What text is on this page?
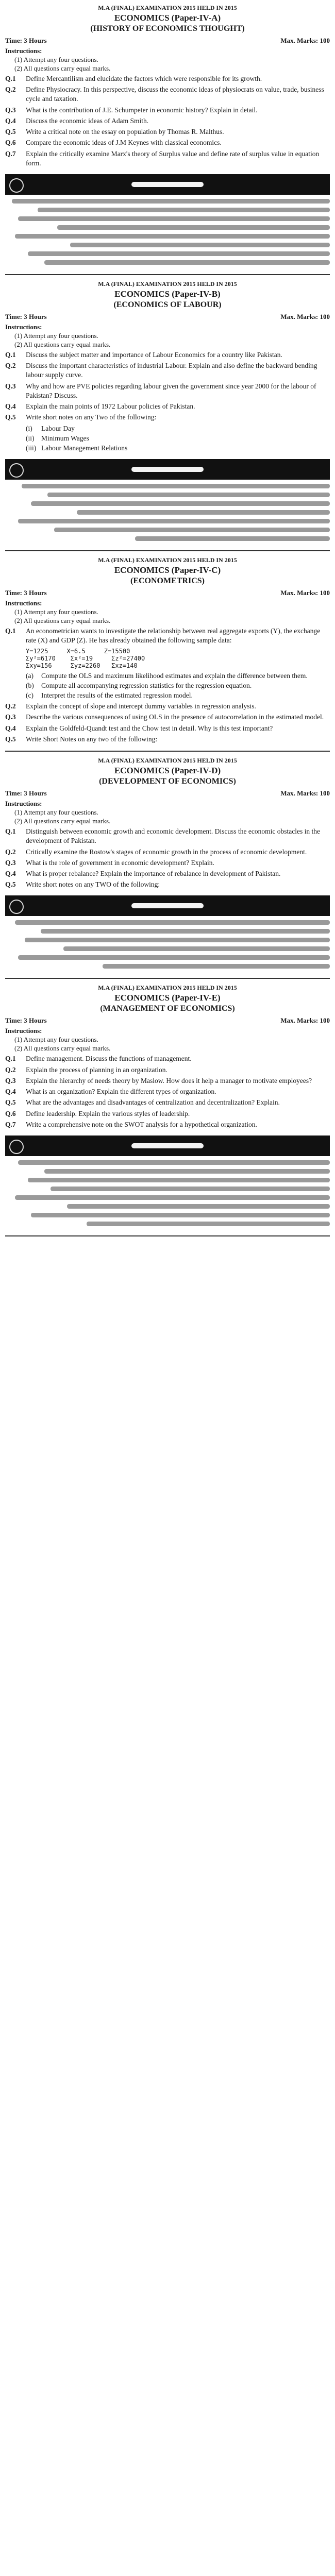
M.A (FINAL) EXAMINATION 2015 HELD IN 2015
ECONOMICS (Paper-IV-A)
(HISTORY OF ECONOMICS THOUGHT)
Time: 3 Hours	Max. Marks: 100
Instructions:
(1) Attempt any four questions.
(2) All questions carry equal marks.
Q.1	Define Mercantilism and elucidate the factors which were responsible for its growth.
Q.2	Define Physiocracy. In this perspective, discuss the economic ideas of physiocrats on value, trade, business cycle and taxation.
Q.3	What is the contribution of J.E. Schumpeter in economic history? Explain in detail.
Q.4	Discuss the economic ideas of Adam Smith.
Q.5	Write a critical note on the essay on population by Thomas R. Malthus.
Q.6	Compare the economic ideas of J.M Keynes with classical economics.
Q.7	Explain the critically examine Marx's theory of Surplus value and define rate of surplus value in equation form.
M.A (FINAL) EXAMINATION 2015 HELD IN 2015
ECONOMICS (Paper-IV-B)
(ECONOMICS OF LABOUR)
Time: 3 Hours	Max. Marks: 100
Instructions:
(1) Attempt any four questions.
(2) All questions carry equal marks.
Q.1	Discuss the subject matter and importance of Labour Economics for a country like Pakistan.
Q.2	Discuss the important characteristics of industrial Labour. Explain and also define the backward bending labour supply curve.
Q.3	Why and how are PVE policies regarding labour given the government since year 2000 for the labour of Pakistan? Discuss.
Q.4	Explain the main points of 1972 Labour policies of Pakistan.
Q.5	Write short notes on any Two of the following:
(i)	Labour Day
(ii)	Minimum Wages
(iii) Labour Management Relations
M.A (FINAL) EXAMINATION 2015 HELD IN 2015
ECONOMICS (Paper-IV-C)
(ECONOMETRICS)
Time: 3 Hours	Max. Marks: 100
Instructions:
(1) Attempt any four questions.
(2) All questions carry equal marks.
Q.1	An econometrician wants to investigate the relationship between real aggregate exports (Y), the exchange rate (X) and GDP (Z). He has already obtained the following sample data:
Y=1225     X=6.5     Z=15500
Σy²=6170    Σx²=19     Σz²=27400
Σxy=156     Σyz=2260   Σxz=140
(a)	Compute the OLS and maximum likelihood estimates and explain the difference between them.
(b)	Compute all accompanying regression statistics for the regression equation.
(c)	Interpret the results of the estimated regression model.
Q.2	Explain the concept of slope and intercept dummy variables in regression analysis.
Q.3	Describe the various consequences of using OLS in the presence of autocorrelation in the estimated model.
Q.4	Explain the Goldfeld-Quandt test and the Chow test in detail. Why is this test important?
Q.5	Write Short Notes on any two of the following:
M.A (FINAL) EXAMINATION 2015 HELD IN 2015
ECONOMICS (Paper-IV-D)
(DEVELOPMENT OF ECONOMICS)
Time: 3 Hours	Max. Marks: 100
Instructions:
(1) Attempt any four questions.
(2) All questions carry equal marks.
Q.1	Distinguish between economic growth and economic development. Discuss the economic obstacles in the development of Pakistan.
Q.2	Critically examine the Rostow's stages of economic growth in the process of economic development.
Q.3	What is the role of government in economic development? Explain.
Q.4	What is proper rebalance? Explain the importance of rebalance in development of Pakistan.
Q.5	Write short notes on any TWO of the following:
M.A (FINAL) EXAMINATION 2015 HELD IN 2015
ECONOMICS (Paper-IV-E)
(MANAGEMENT OF ECONOMICS)
Time: 3 Hours	Max. Marks: 100
Instructions:
(1) Attempt any four questions.
(2) All questions carry equal marks.
Q.1	Define management. Discuss the functions of management.
Q.2	Explain the process of planning in an organization.
Q.3	Explain the hierarchy of needs theory by Maslow. How does it help a manager to motivate employees?
Q.4	What is an organization? Explain the different types of organization.
Q.5	What are the advantages and disadvantages of centralization and decentralization? Explain.
Q.6	Define leadership. Explain the various styles of leadership.
Q.7	Write a comprehensive note on the SWOT analysis for a hypothetical organization.
